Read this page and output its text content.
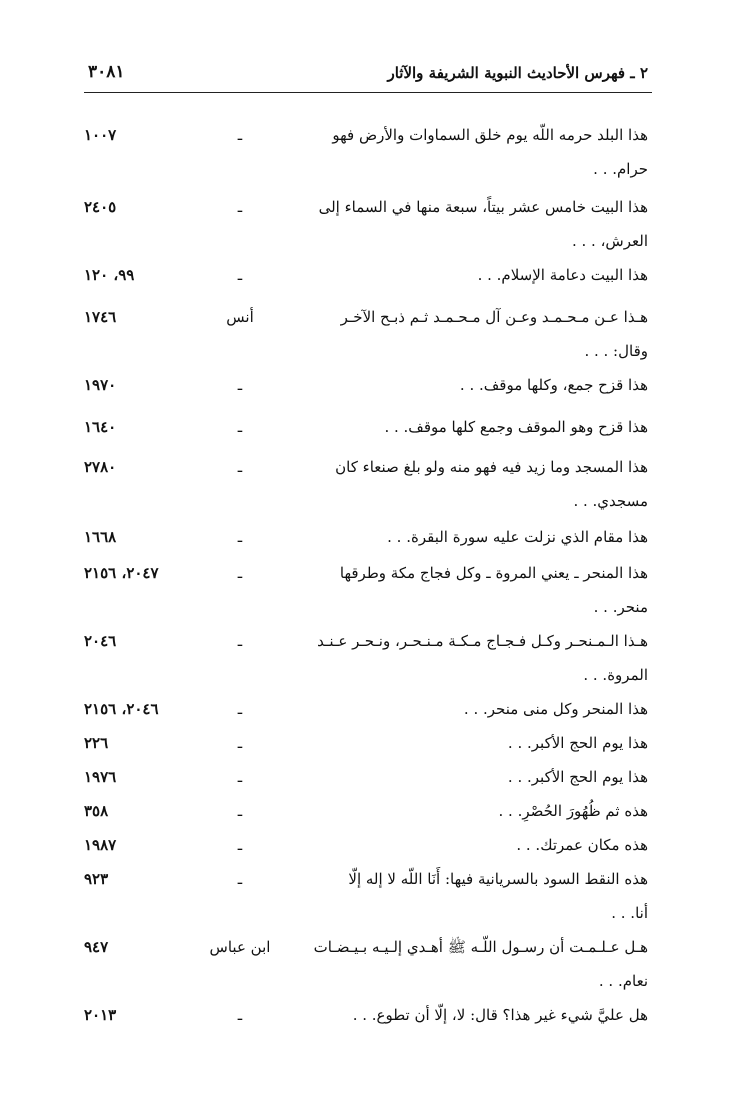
٢ ـ فهرس الأحاديث النبوية الشريفة والآثار
٣٠٨١
هذا البلد حرمه اللّه يوم خلق السماوات والأرض فهو
حرام. . .
ـ
١٠٠٧
هذا البيت خامس عشر بيتاً، سبعة منها في السماء إلى
العرش، . . .
ـ
٢٤٠٥
هذا البيت دعامة الإسلام. . .
ـ
٩٩، ١٢٠
هـذا عـن مـحـمـد وعـن آل مـحـمـد ثـم ذبـح الآخـر
وقال: . . .
أنس
١٧٤٦
هذا قزح جمع، وكلها موقف. . .
ـ
١٩٧٠
هذا قزح وهو الموقف وجمع كلها موقف. . .
ـ
١٦٤٠
هذا المسجد وما زيد فيه فهو منه ولو بلغ صنعاء كان
مسجدي. . .
ـ
٢٧٨٠
هذا مقام الذي نزلت عليه سورة البقرة. . .
ـ
١٦٦٨
هذا المنحر ـ يعني المروة ـ وكل فجاج مكة وطرقها
منحر. . .
ـ
٢٠٤٧، ٢١٥٦
هـذا الـمـنحـر وكـل فـجـاج مـكـة مـنـحـر، ونـحـر عـنـد
المروة. . .
ـ
٢٠٤٦
هذا المنحر وكل منى منحر. . .
ـ
٢٠٤٦، ٢١٥٦
هذا يوم الحج الأكبر. . .
ـ
٢٢٦
هذا يوم الحج الأكبر. . .
ـ
١٩٧٦
هذه ثم ظُهُورَ الحُصْرِ. . .
ـ
٣٥٨
هذه مكان عمرتك. . .
ـ
١٩٨٧
هذه النقط السود بالسريانية فيها: أَنَا اللّه لا إله إلّا
أنا. . .
ـ
٩٢٣
هـل عـلـمـت أن رسـول اللّـه ﷺ أهـدي إلـيـه بـيـضـات
نعام. . .
ابن عباس
٩٤٧
هل عليَّ شيء غير هذا؟ قال: لا، إلّا أن تطوع. . .
ـ
٢٠١٣
